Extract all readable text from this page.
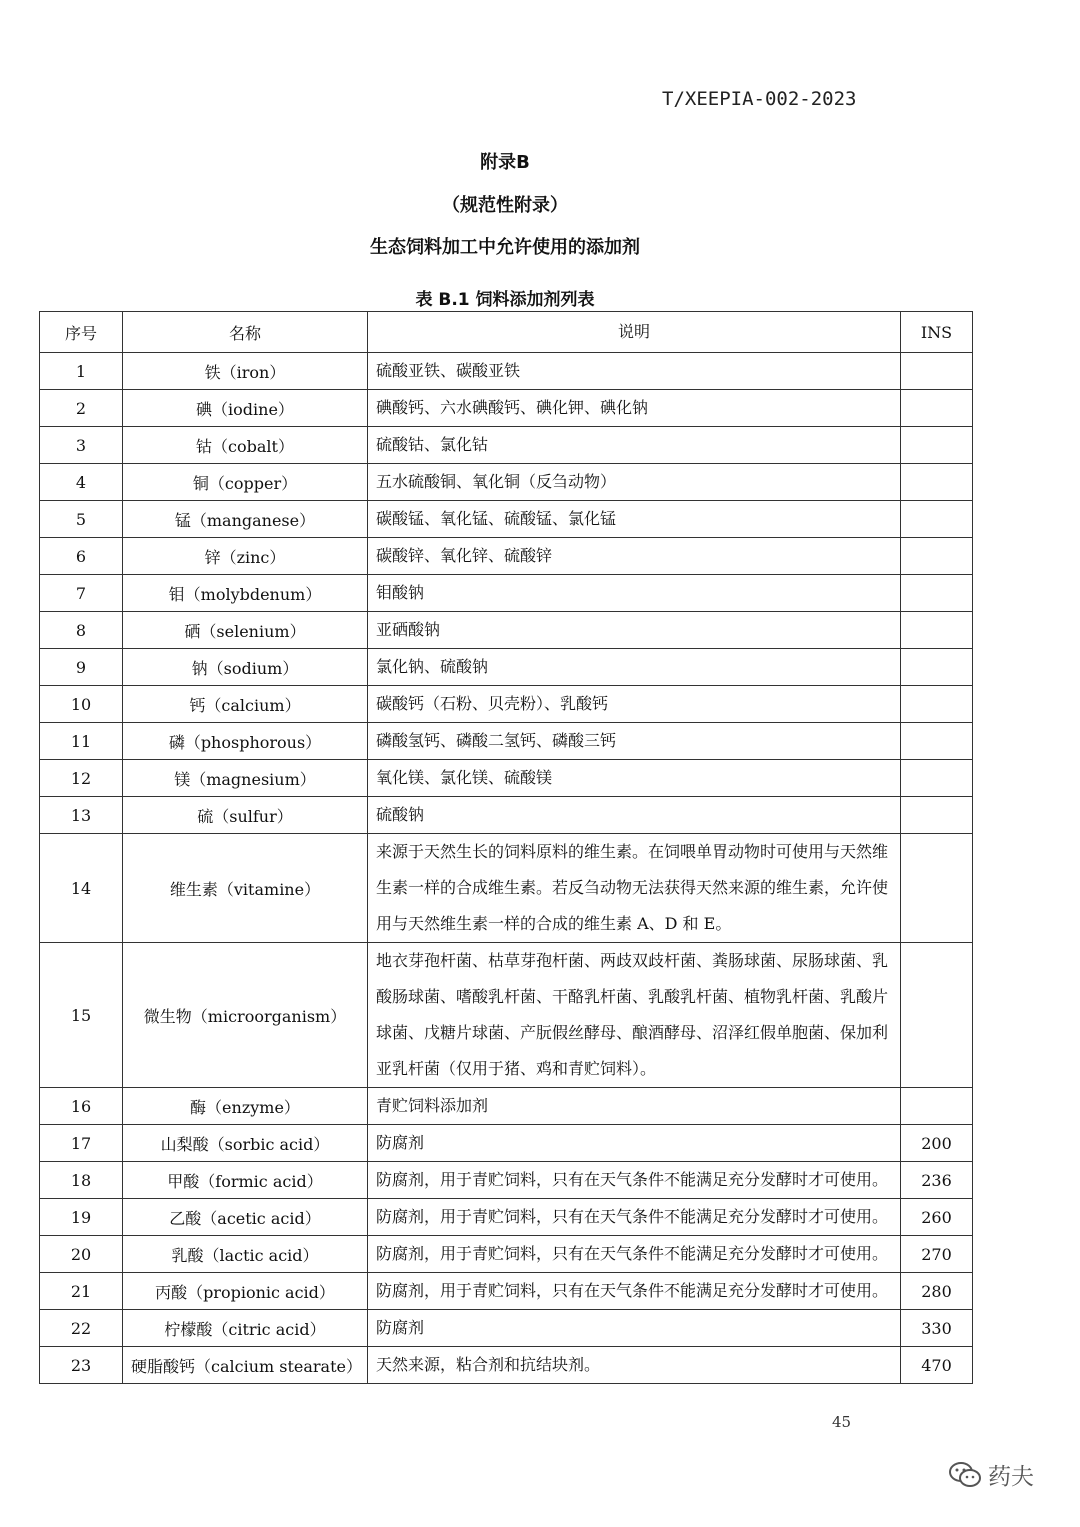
T/XEEPIA-002-2023
附录B
（规范性附录）
生态饲料加工中允许使用的添加剂
表 B.1 饲料添加剂列表
序号	名称	说明	INS
1	铁（iron）	硫酸亚铁、碳酸亚铁	
2	碘（iodine）	碘酸钙、六水碘酸钙、碘化钾、碘化钠	
3	钴（cobalt）	硫酸钴、氯化钴	
4	铜（copper）	五水硫酸铜、氧化铜（反刍动物）	
5	锰（manganese）	碳酸锰、氧化锰、硫酸锰、氯化锰	
6	锌（zinc）	碳酸锌、氧化锌、硫酸锌	
7	钼（molybdenum）	钼酸钠	
8	硒（selenium）	亚硒酸钠	
9	钠（sodium）	氯化钠、硫酸钠	
10	钙（calcium）	碳酸钙（石粉、贝壳粉）、乳酸钙	
11	磷（phosphorous）	磷酸氢钙、磷酸二氢钙、磷酸三钙	
12	镁（magnesium）	氧化镁、氯化镁、硫酸镁	
13	硫（sulfur）	硫酸钠	
14	维生素（vitamine）	来源于天然生长的饲料原料的维生素。在饲喂单胃动物时可使用与天然维生素一样的合成维生素。若反刍动物无法获得天然来源的维生素，允许使用与天然维生素一样的合成的维生素 A、D 和 E。	
15	微生物（microorganism）	地衣芽孢杆菌、枯草芽孢杆菌、两歧双歧杆菌、粪肠球菌、尿肠球菌、乳酸肠球菌、嗜酸乳杆菌、干酪乳杆菌、乳酸乳杆菌、植物乳杆菌、乳酸片球菌、戊糖片球菌、产朊假丝酵母、酿酒酵母、沼泽红假单胞菌、保加利亚乳杆菌（仅用于猪、鸡和青贮饲料）。	
16	酶（enzyme）	青贮饲料添加剂	
17	山梨酸（sorbic acid）	防腐剂	200
18	甲酸（formic acid）	防腐剂，用于青贮饲料，只有在天气条件不能满足充分发酵时才可使用。	236
19	乙酸（acetic acid）	防腐剂，用于青贮饲料，只有在天气条件不能满足充分发酵时才可使用。	260
20	乳酸（lactic acid）	防腐剂，用于青贮饲料，只有在天气条件不能满足充分发酵时才可使用。	270
21	丙酸（propionic acid）	防腐剂，用于青贮饲料，只有在天气条件不能满足充分发酵时才可使用。	280
22	柠檬酸（citric acid）	防腐剂	330
23	硬脂酸钙（calcium stearate）	天然来源，粘合剂和抗结块剂。	470
45
药夫
